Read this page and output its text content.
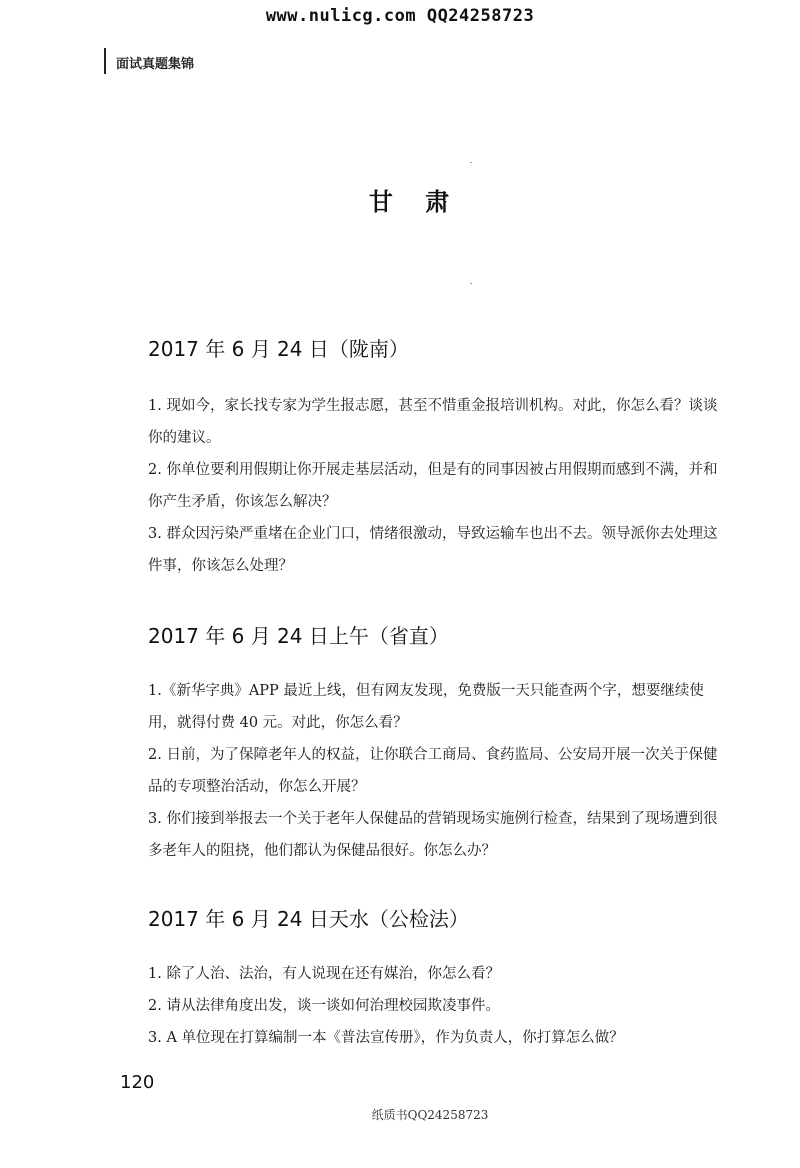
www.nulicg.com QQ24258723
面试真题集锦
甘 肃
2017 年 6 月 24 日（陇南）
1. 现如今，家长找专家为学生报志愿，甚至不惜重金报培训机构。对此，你怎么看？谈谈你的建议。
2. 你单位要利用假期让你开展走基层活动，但是有的同事因被占用假期而感到不满，并和你产生矛盾，你该怎么解决？
3. 群众因污染严重堵在企业门口，情绪很激动，导致运输车也出不去。领导派你去处理这件事，你该怎么处理？
2017 年 6 月 24 日上午（省直）
1.《新华字典》APP 最近上线，但有网友发现，免费版一天只能查两个字，想要继续使用，就得付费 40 元。对此，你怎么看？
2. 日前，为了保障老年人的权益，让你联合工商局、食药监局、公安局开展一次关于保健品的专项整治活动，你怎么开展？
3. 你们接到举报去一个关于老年人保健品的营销现场实施例行检查，结果到了现场遭到很多老年人的阻挠，他们都认为保健品很好。你怎么办？
2017 年 6 月 24 日天水（公检法）
1. 除了人治、法治，有人说现在还有媒治，你怎么看？
2. 请从法律角度出发，谈一谈如何治理校园欺凌事件。
3. A 单位现在打算编制一本《普法宣传册》，作为负责人，你打算怎么做？
120
纸质书QQ24258723
